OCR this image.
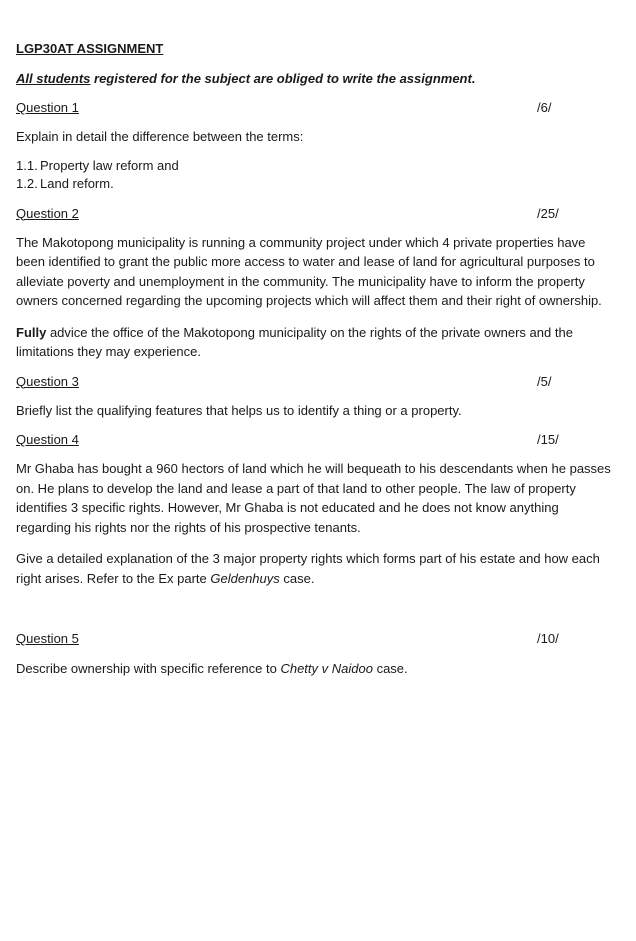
LGP30AT ASSIGNMENT
All students registered for the subject are obliged to write the assignment.
Question 1	/6/

Explain in detail the difference between the terms:

1.1. Property law reform and
1.2. Land reform.
Question 2	/25/

The Makotopong municipality is running a community project under which 4 private properties have been identified to grant the public more access to water and lease of land for agricultural purposes to alleviate poverty and unemployment in the community. The municipality have to inform the property owners concerned regarding the upcoming projects which will affect them and their right of ownership.

Fully advice the office of the Makotopong municipality on the rights of the private owners and the limitations they may experience.

Question 3	/5/

Briefly list the qualifying features that helps us to identify a thing or a property.

Question 4	/15/

Mr Ghaba has bought a 960 hectors of land which he will bequeath to his descendants when he passes on. He plans to develop the land and lease a part of that land to other people. The law of property identifies 3 specific rights. However, Mr Ghaba is not educated and he does not know anything regarding his rights nor the rights of his prospective tenants.

Give a detailed explanation of the 3 major property rights which forms part of his estate and how each right arises. Refer to the Ex parte Geldenhuys case.

Question 5	/10/

Describe ownership with specific reference to Chetty v Naidoo case.
